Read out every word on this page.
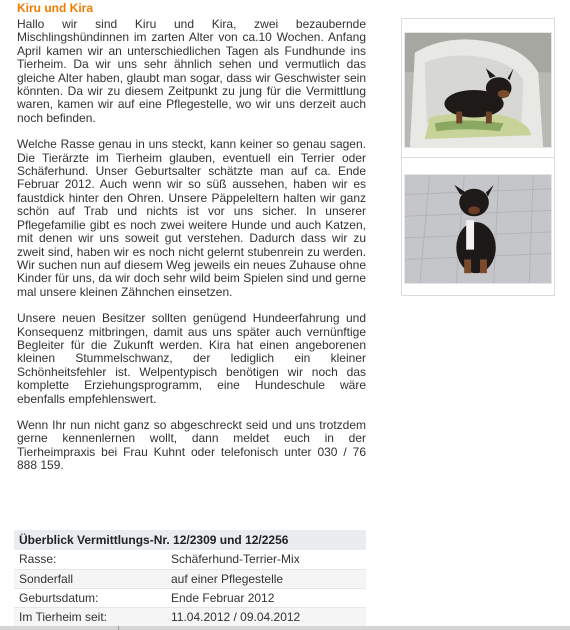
Kiru und Kira

Hallo wir sind Kiru und Kira, zwei bezaubernde Mischlingshündinnen im zarten Alter von ca.10 Wochen. Anfang April kamen wir an unterschiedlichen Tagen als Fundhunde ins Tierheim. Da wir uns sehr ähnlich sehen und vermutlich das gleiche Alter haben, glaubt man sogar, dass wir Geschwister sein könnten. Da wir zu diesem Zeitpunkt zu jung für die Vermittlung waren, kamen wir auf eine Pflegestelle, wo wir uns derzeit auch noch befinden.

Welche Rasse genau in uns steckt, kann keiner so genau sagen. Die Tierärzte im Tierheim glauben, eventuell ein Terrier oder Schäferhund. Unser Geburtsalter schätzte man auf ca. Ende Februar 2012. Auch wenn wir so süß aussehen, haben wir es faustdick hinter den Ohren. Unsere Päppeleltern halten wir ganz schön auf Trab und nichts ist vor uns sicher. In unserer Pflegefamilie gibt es noch zwei weitere Hunde und auch Katzen, mit denen wir uns soweit gut verstehen. Dadurch dass wir zu zweit sind, haben wir es noch nicht gelernt stubenrein zu werden. Wir suchen nun auf diesem Weg jeweils ein neues Zuhause ohne Kinder für uns, da wir doch sehr wild beim Spielen sind und gerne mal unsere kleinen Zähnchen einsetzen.

Unsere neuen Besitzer sollten genügend Hundeerfahrung und Konsequenz mitbringen, damit aus uns später auch vernünftige Begleiter für die Zukunft werden. Kira hat einen angeborenen kleinen Stummelschwanz, der lediglich ein kleiner Schönheitsfehler ist. Welpentypisch benötigen wir noch das komplette Erziehungsprogramm, eine Hundeschule wäre ebenfalls empfehlenswert.

Wenn Ihr nun nicht ganz so abgeschreckt seid und uns trotzdem gerne kennenlernen wollt, dann meldet euch in der Tierheimpraxis bei Frau Kuhnt oder telefonisch unter 030 / 76 888 159.

Überblick Vermittlungs-Nr. 12/2309 und 12/2256
Rasse:	Schäferhund-Terrier-Mix
Sonderfall	auf einer Pflegestelle
Geburtsdatum:	Ende Februar 2012
Im Tierheim seit:	11.04.2012 / 09.04.2012
